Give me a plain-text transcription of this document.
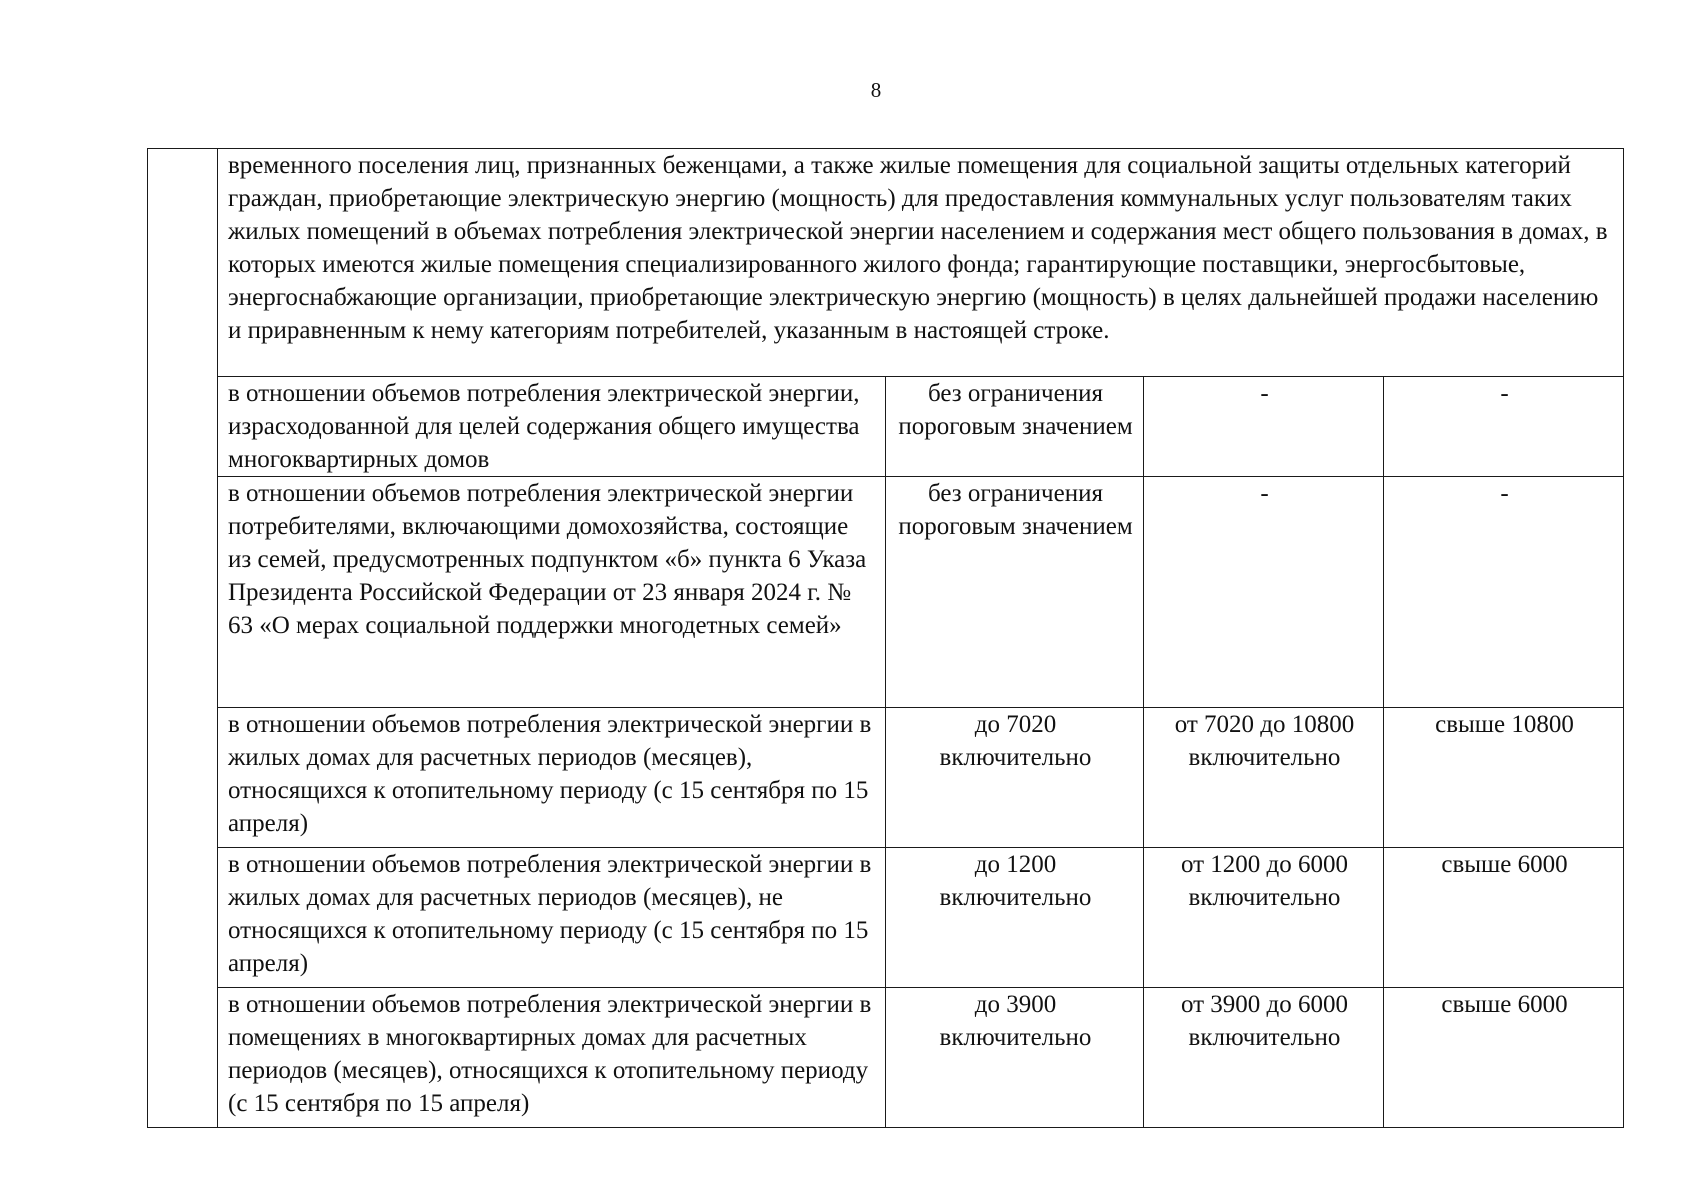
8
	временного поселения лиц, признанных беженцами, а также жилые помещения для социальной защиты отдельных категорий граждан, приобретающие электрическую энергию (мощность) для предоставления коммунальных услуг пользователям таких жилых помещений в объемах потребления электрической энергии населением и содержания мест общего пользования в домах, в которых имеются жилые помещения специализированного жилого фонда; гарантирующие поставщики, энергосбытовые, энергоснабжающие организации, приобретающие электрическую энергию (мощность) в целях дальнейшей продажи населению и приравненным к нему категориям потребителей, указанным в настоящей строке.			
	в отношении объемов потребления электрической энергии, израсходованной для целей содержания общего имущества многоквартирных домов	без ограничения пороговым значением	-	-
	в отношении объемов потребления электрической энергии потребителями, включающими домохозяйства, состоящие из семей, предусмотренных подпунктом «б» пункта 6 Указа Президента Российской Федерации от 23 января 2024 г. № 63 «О мерах социальной поддержки многодетных семей»	без ограничения пороговым значением	-	-
	в отношении объемов потребления электрической энергии в жилых домах для расчетных периодов (месяцев), относящихся к отопительному периоду (с 15 сентября по 15 апреля)	до 7020 включительно	от 7020 до 10800 включительно	свыше 10800
	в отношении объемов потребления электрической энергии в жилых домах для расчетных периодов (месяцев), не относящихся к отопительному периоду (с 15 сентября по 15 апреля)	до 1200 включительно	от 1200 до 6000 включительно	свыше 6000
	в отношении объемов потребления электрической энергии в помещениях в многоквартирных домах для расчетных периодов (месяцев), относящихся к отопительному периоду (с 15 сентября по 15 апреля)	до 3900 включительно	от 3900 до 6000 включительно	свыше 6000
